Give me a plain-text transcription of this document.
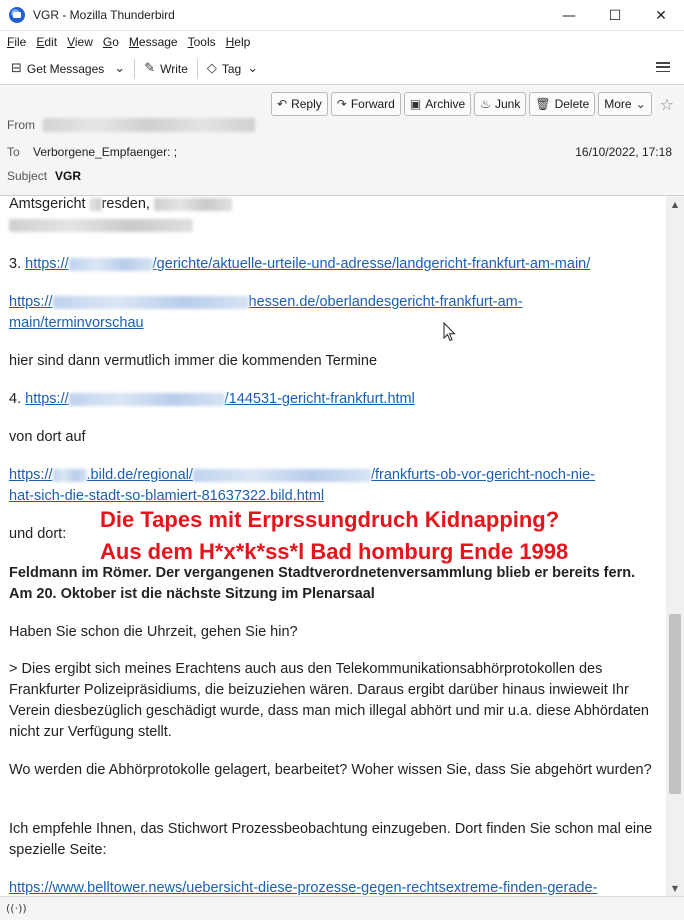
VGR - Mozilla Thunderbird	—	☐	✕
File Edit View Go Message Tools Help
⊟ Get Messages ⌄ ✎ Write ◇ Tag ⌄
↶ Reply ↷ Forward ▣ Archive ♨ Junk 🗑 Delete More ⌄ ☆
From
To	Verborgene_Empfaenger: ;	16/10/2022, 17:18
Subject VGR

Amtsgericht resden,

3. https://	/gerichte/aktuelle-urteile-und-adresse/landgericht-frankfurt-am-main/

https://	hessen.de/oberlandesgericht-frankfurt-am-
main/terminvorschau

hier sind dann vermutlich immer die kommenden Termine

4. https://	/144531-gericht-frankfurt.html

von dort auf

https:// .bild.de/regional/	/frankfurts-ob-vor-gericht-noch-nie-
hat-sich-die-stadt-so-blamiert-81637322.bild.html

und dort:

Feldmann im Römer. Der vergangenen Stadtverordnetenversammlung blieb er bereits fern. Am 20. Oktober ist die nächste Sitzung im Plenarsaal

Haben Sie schon die Uhrzeit, gehen Sie hin?

> Dies ergibt sich meines Erachtens auch aus den Telekommunikationsabhörprotokollen des Frankfurter Polizeipräsidiums, die beizuziehen wären. Daraus ergibt darüber hinaus inwieweit Ihr Verein diesbezüglich geschädigt wurde, dass man mich illegal abhört und mir u.a. diese Abhördaten nicht zur Verfügung stellt.

Wo werden die Abhörprotokolle gelagert, bearbeitet? Woher wissen Sie, dass Sie abgehört wurden?

Ich empfehle Ihnen, das Stichwort Prozessbeobachtung einzugeben. Dort finden Sie schon mal eine spezielle Seite:

https://www.belltower.news/uebersicht-diese-prozesse-gegen-rechtsextreme-finden-gerade-

Die Tapes mit Erprssungdruch Kidnapping?
Aus dem H*x*k*ss*l Bad homburg Ende 1998
▲
▼
((·))
